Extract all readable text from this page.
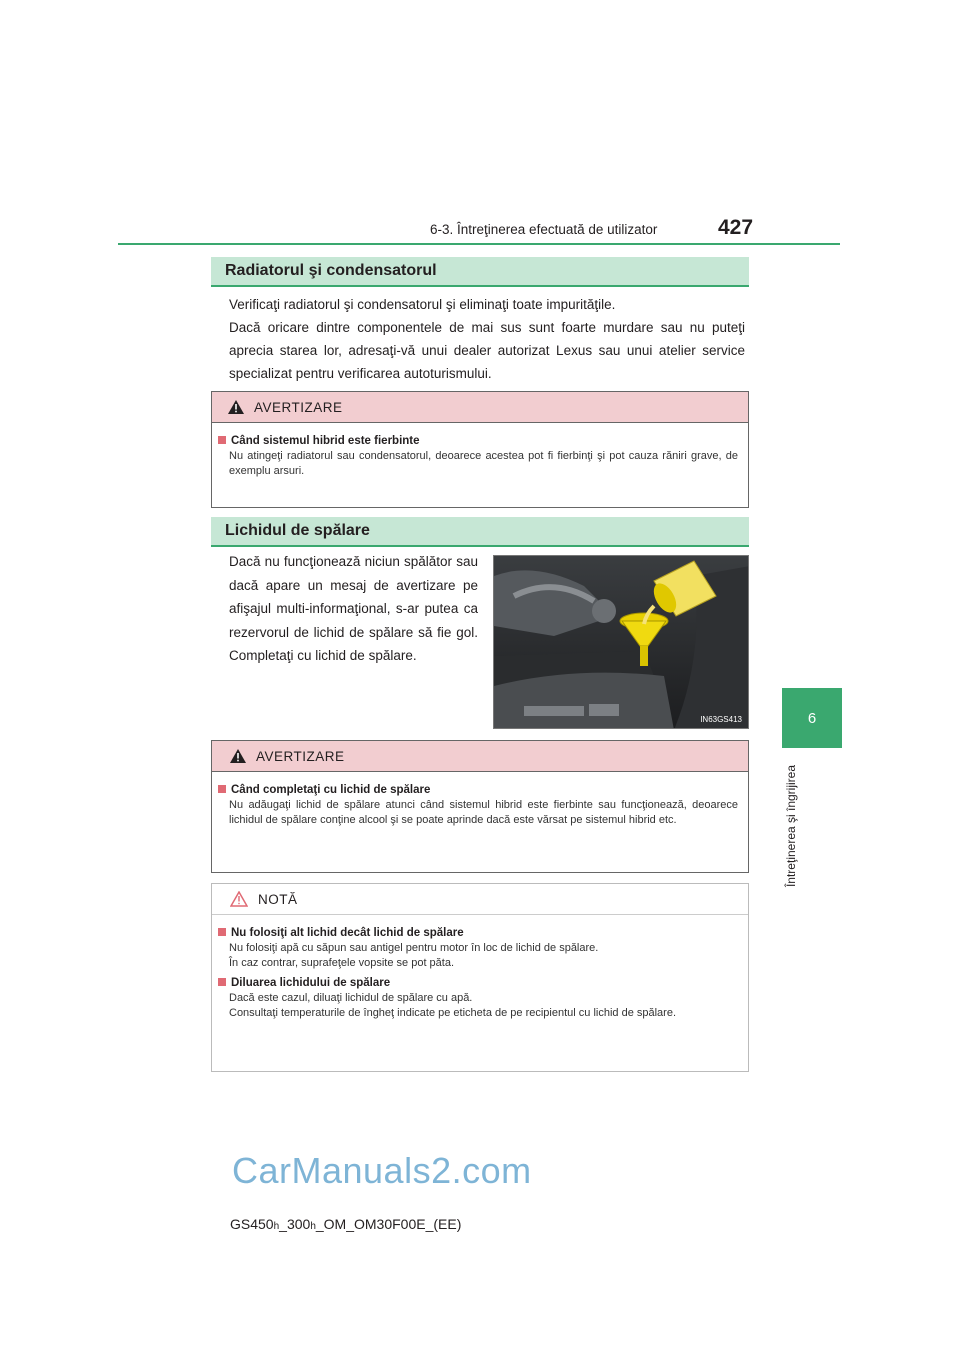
6-3. Întreţinerea efectuată de utilizator	427
6
Întreţinerea şi îngrijirea
Radiatorul şi condensatorul
Verificaţi radiatorul şi condensatorul şi eliminaţi toate impurităţile.
Dacă oricare dintre componentele de mai sus sunt foarte murdare sau nu puteţi aprecia starea lor, adresaţi-vă unui dealer autorizat Lexus sau unui atelier service specializat pentru verificarea autoturismului.
AVERTIZARE
Când sistemul hibrid este fierbinte
Nu atingeţi radiatorul sau condensatorul, deoarece acestea pot fi fierbinţi şi pot cauza răniri grave, de exemplu arsuri.
Lichidul de spălare
Dacă nu funcţionează niciun spălător sau dacă apare un mesaj de avertizare pe afişajul multi-informaţional, s-ar putea ca rezervorul de lichid de spălare să fie gol. Completaţi cu lichid de spălare.
IN63GS413
AVERTIZARE
Când completaţi cu lichid de spălare
Nu adăugaţi lichid de spălare atunci când sistemul hibrid este fierbinte sau funcţionează, deoarece lichidul de spălare conţine alcool şi se poate aprinde dacă este vărsat pe sistemul hibrid etc.
NOTĂ
Nu folosiţi alt lichid decât lichid de spălare
Nu folosiţi apă cu săpun sau antigel pentru motor în loc de lichid de spălare.
În caz contrar, suprafeţele vopsite se pot păta.
Diluarea lichidului de spălare
Dacă este cazul, diluaţi lichidul de spălare cu apă.
Consultaţi temperaturile de îngheţ indicate pe eticheta de pe recipientul cu lichid de spălare.
CarManuals2.com
GS450h_300h_OM_OM30F00E_(EE)
